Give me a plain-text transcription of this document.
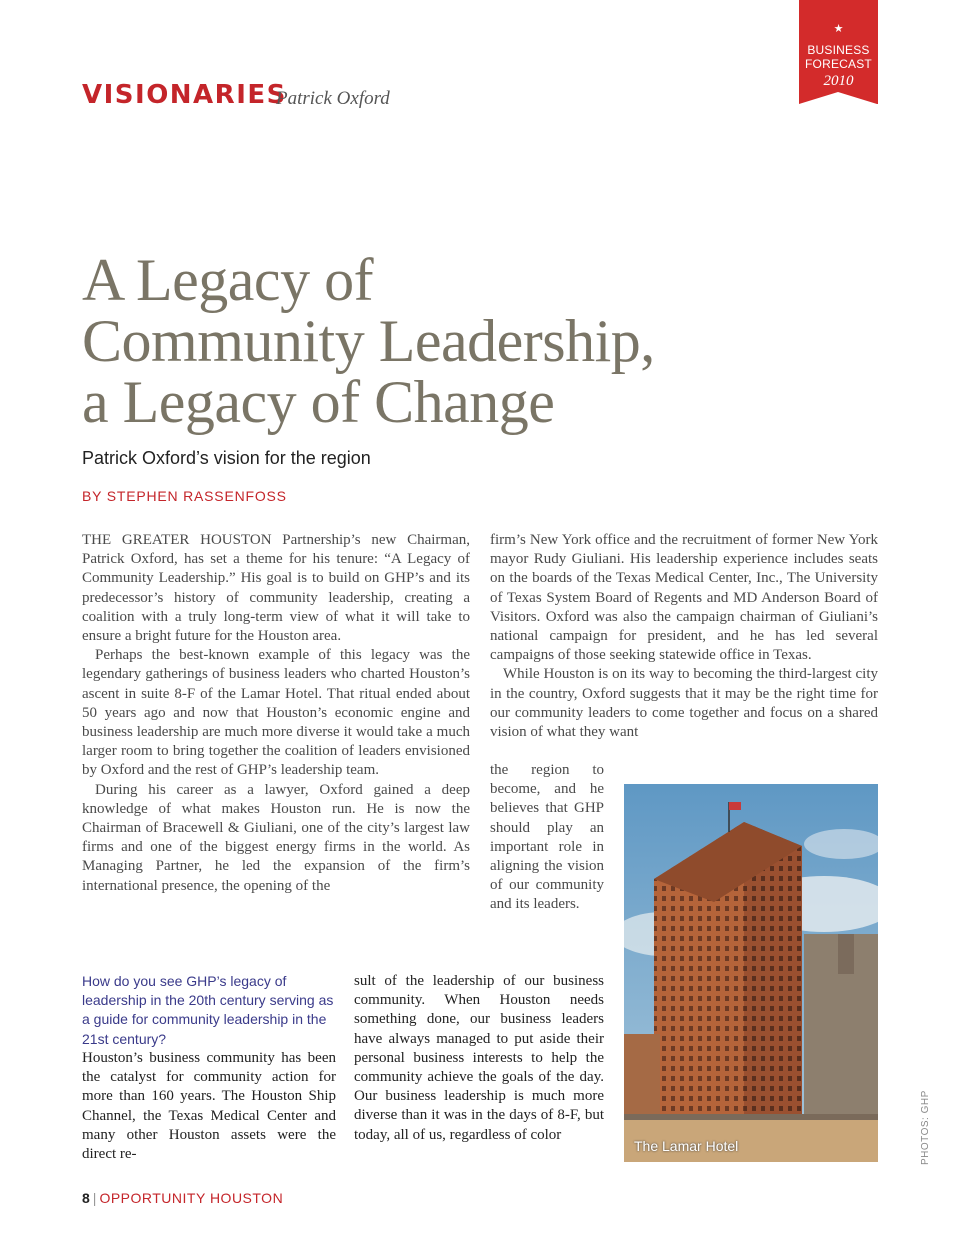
★
BUSINESS
FORECAST
2010
VISIONARIES
Patrick Oxford
A Legacy of
Community Leadership,
a Legacy of Change
Patrick Oxford’s vision for the region
BY STEPHEN RASSENFOSS

THE GREATER HOUSTON Partnership’s new Chairman, Patrick Oxford, has set a theme for his tenure: “A Legacy of Community Leadership.” His goal is to build on GHP’s and its predecessor’s history of community leadership, creating a coalition with a truly long-term view of what it will take to ensure a bright future for the Houston area.

Perhaps the best-known example of this legacy was the legendary gatherings of business leaders who charted Houston’s ascent in suite 8-F of the Lamar Hotel. That ritual ended about 50 years ago and now that Houston’s economic engine and business leadership are much more diverse it would take a much larger room to bring together the coalition of leaders envisioned by Oxford and the rest of GHP’s leadership team.

During his career as a lawyer, Oxford gained a deep knowledge of what makes Houston run. He is now the Chairman of Bracewell & Giuliani, one of the city’s largest law firms and one of the biggest energy firms in the world. As Managing Partner, he led the expansion of the firm’s international presence, the opening of the

firm’s New York office and the recruitment of former New York mayor Rudy Giuliani. His leadership experience includes seats on the boards of the Texas Medical Center, Inc., The University of Texas System Board of Regents and MD Anderson Board of Visitors. Oxford was also the campaign chairman of Giuliani’s national campaign for president, and he has led several campaigns of those seeking statewide office in Texas.

While Houston is on its way to becoming the third-largest city in the country, Oxford suggests that it may be the right time for our community leaders to come together and focus on a shared vision of what they want

the region to become, and he believes that GHP should play an important role in aligning the vision of our community and its leaders.
The Lamar Hotel	PHOTOS: GHP
How do you see GHP’s legacy of leadership in the 20th century serving as a guide for community leadership in the 21st century?
Houston’s business community has been the catalyst for community action for more than 160 years. The Houston Ship Channel, the Texas Medical Center and many other Houston assets were the direct re-
sult of the leadership of our business community. When Houston needs something done, our business leaders have always managed to put aside their personal business interests to help the community achieve the goals of the day. Our business leadership is much more diverse than it was in the days of 8-F, but today, all of us, regardless of color
8 | OPPORTUNITY HOUSTON
